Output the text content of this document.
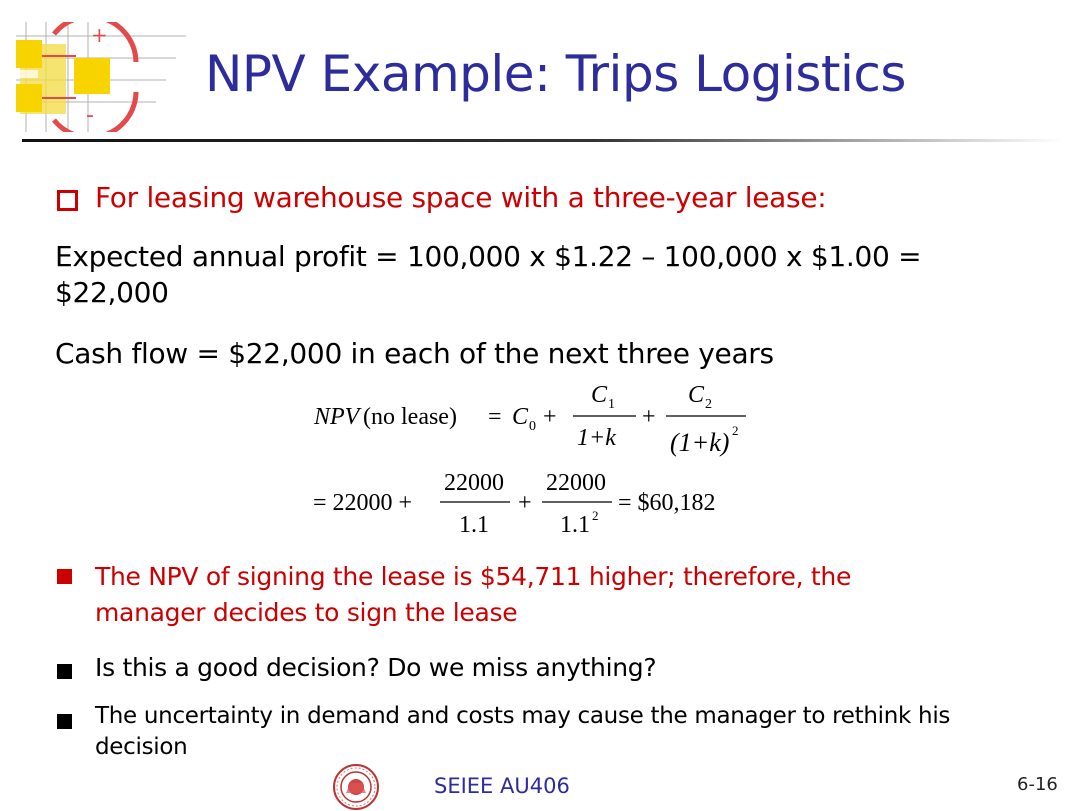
+
-
NPV Example: Trips Logistics

For leasing warehouse space with a three-year lease:

Expected annual profit = 100,000 x $1.22 – 100,000 x $1.00 =

$22,000

Cash flow = $22,000 in each of the next three years

NPV (no lease) = C 0 +
C 1
1+k
+
C 2
(1+k) 2
= 22000 +
22000
1.1
+
22000
1.1 2 = $60,182

The NPV of signing the lease is $54,711 higher; therefore, the

manager decides to sign the lease

Is this a good decision? Do we miss anything?

The uncertainty in demand and costs may cause the manager to rethink his

decision

SEIEE AU406	6-16
